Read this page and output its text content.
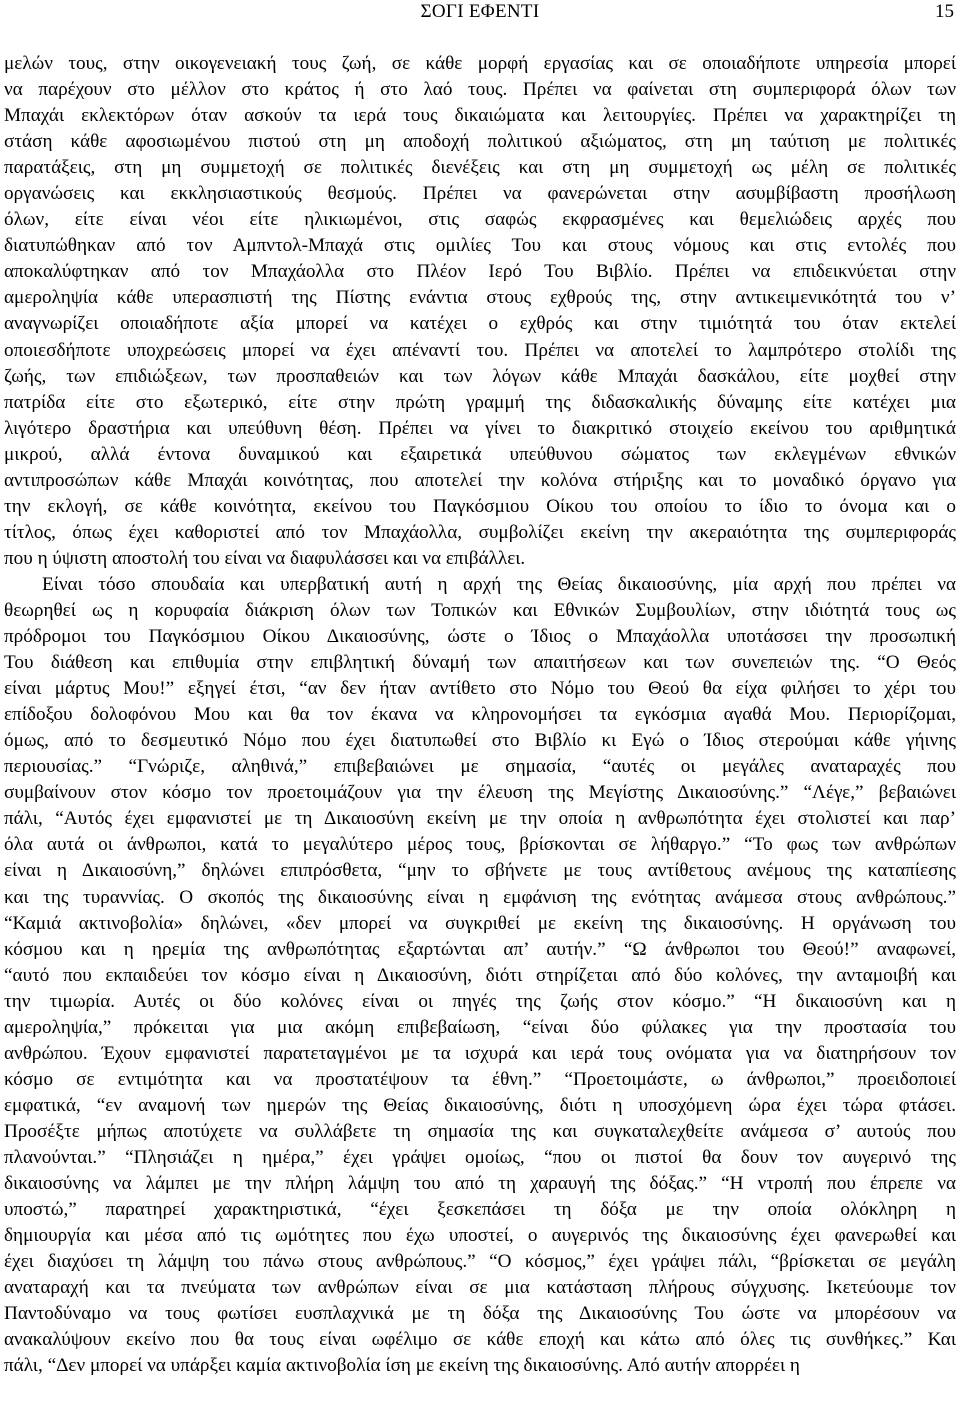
ΣΟΓΙ ΕΦΕΝΤΙ	15
μελών τους, στην οικογενειακή τους ζωή, σε κάθε μορφή εργασίας και σε οποιαδήποτε υπηρεσία μπορεί
να παρέχουν στο μέλλον στο κράτος ή στο λαό τους. Πρέπει να φαίνεται στη συμπεριφορά όλων των
Μπαχάι εκλεκτόρων όταν ασκούν τα ιερά τους δικαιώματα και λειτουργίες. Πρέπει να χαρακτηρίζει τη
στάση κάθε αφοσιωμένου πιστού στη μη αποδοχή πολιτικού αξιώματος, στη μη ταύτιση με πολιτικές
παρατάξεις, στη μη συμμετοχή σε πολιτικές διενέξεις και στη μη συμμετοχή ως μέλη σε πολιτικές
οργανώσεις και εκκλησιαστικούς θεσμούς. Πρέπει να φανερώνεται στην ασυμβίβαστη προσήλωση
όλων, είτε είναι νέοι είτε ηλικιωμένοι, στις σαφώς εκφρασμένες και θεμελιώδεις αρχές που
διατυπώθηκαν από τον Αμπντολ-Μπαχά στις ομιλίες Του και στους νόμους και στις εντολές που
αποκαλύφτηκαν από τον Μπαχάολλα στο Πλέον Ιερό Του Βιβλίο. Πρέπει να επιδεικνύεται στην
αμεροληψία κάθε υπερασπιστή της Πίστης ενάντια στους εχθρούς της, στην αντικειμενικότητά του ν’
αναγνωρίζει οποιαδήποτε αξία μπορεί να κατέχει ο εχθρός και στην τιμιότητά του όταν εκτελεί
οποιεσδήποτε υποχρεώσεις μπορεί να έχει απέναντί του. Πρέπει να αποτελεί το λαμπρότερο στολίδι της
ζωής, των επιδιώξεων, των προσπαθειών και των λόγων κάθε Μπαχάι δασκάλου, είτε μοχθεί στην
πατρίδα είτε στο εξωτερικό, είτε στην πρώτη γραμμή της διδασκαλικής δύναμης είτε κατέχει μια
λιγότερο δραστήρια και υπεύθυνη θέση. Πρέπει να γίνει το διακριτικό στοιχείο εκείνου του αριθμητικά
μικρού, αλλά έντονα δυναμικού και εξαιρετικά υπεύθυνου σώματος των εκλεγμένων εθνικών
αντιπροσώπων κάθε Μπαχάι κοινότητας, που αποτελεί την κολόνα στήριξης και το μοναδικό όργανο για
την εκλογή, σε κάθε κοινότητα, εκείνου του Παγκόσμιου Οίκου του οποίου το ίδιο το όνομα και ο
τίτλος, όπως έχει καθοριστεί από τον Μπαχάολλα, συμβολίζει εκείνη την ακεραιότητα της συμπεριφοράς
που η ύψιστη αποστολή του είναι να διαφυλάσσει και να επιβάλλει.
Είναι τόσο σπουδαία και υπερβατική αυτή η αρχή της Θείας δικαιοσύνης, μία αρχή που πρέπει να
θεωρηθεί ως η κορυφαία διάκριση όλων των Τοπικών και Εθνικών Συμβουλίων, στην ιδιότητά τους ως
πρόδρομοι του Παγκόσμιου Οίκου Δικαιοσύνης, ώστε ο Ίδιος ο Μπαχάολλα υποτάσσει την προσωπική
Του διάθεση και επιθυμία στην επιβλητική δύναμή των απαιτήσεων και των συνεπειών της. “Ο Θεός
είναι μάρτυς Μου!” εξηγεί έτσι, “αν δεν ήταν αντίθετο στο Νόμο του Θεού θα είχα φιλήσει το χέρι του
επίδοξου δολοφόνου Μου και θα τον έκανα να κληρονομήσει τα εγκόσμια αγαθά Μου. Περιορίζομαι,
όμως, από το δεσμευτικό Νόμο που έχει διατυπωθεί στο Βιβλίο κι Εγώ ο Ίδιος στερούμαι κάθε γήινης
περιουσίας.” “Γνώριζε, αληθινά,” επιβεβαιώνει με σημασία, “αυτές οι μεγάλες αναταραχές που
συμβαίνουν στον κόσμο τον προετοιμάζουν για την έλευση της Μεγίστης Δικαιοσύνης.” “Λέγε,” βεβαιώνει
πάλι, “Αυτός έχει εμφανιστεί με τη Δικαιοσύνη εκείνη με την οποία η ανθρωπότητα έχει στολιστεί και παρ’
όλα αυτά οι άνθρωποι, κατά το μεγαλύτερο μέρος τους, βρίσκονται σε λήθαργο.” “Το φως των ανθρώπων
είναι η Δικαιοσύνη,” δηλώνει επιπρόσθετα, “μην το σβήνετε με τους αντίθετους ανέμους της καταπίεσης
και της τυραννίας. Ο σκοπός της δικαιοσύνης είναι η εμφάνιση της ενότητας ανάμεσα στους ανθρώπους.”
“Καμιά ακτινοβολία» δηλώνει, «δεν μπορεί να συγκριθεί με εκείνη της δικαιοσύνης. Η οργάνωση του
κόσμου και η ηρεμία της ανθρωπότητας εξαρτώνται απ’ αυτήν.” “Ω άνθρωποι του Θεού!” αναφωνεί,
“αυτό που εκπαιδεύει τον κόσμο είναι η Δικαιοσύνη, διότι στηρίζεται από δύο κολόνες, την ανταμοιβή και
την τιμωρία. Αυτές οι δύο κολόνες είναι οι πηγές της ζωής στον κόσμο.” “Η δικαιοσύνη και η
αμεροληψία,” πρόκειται για μια ακόμη επιβεβαίωση, “είναι δύο φύλακες για την προστασία του
ανθρώπου. Έχουν εμφανιστεί παρατεταγμένοι με τα ισχυρά και ιερά τους ονόματα για να διατηρήσουν τον
κόσμο σε εντιμότητα και να προστατέψουν τα έθνη.” “Προετοιμάστε, ω άνθρωποι,” προειδοποιεί
εμφατικά, “εν αναμονή των ημερών της Θείας δικαιοσύνης, διότι η υποσχόμενη ώρα έχει τώρα φτάσει.
Προσέξτε μήπως αποτύχετε να συλλάβετε τη σημασία της και συγκαταλεχθείτε ανάμεσα σ’ αυτούς που
πλανούνται.” “Πλησιάζει η ημέρα,” έχει γράψει ομοίως, “που οι πιστοί θα δουν τον αυγερινό της
δικαιοσύνης να λάμπει με την πλήρη λάμψη του από τη χαραυγή της δόξας.” “Η ντροπή που έπρεπε να
υποστώ,” παρατηρεί χαρακτηριστικά, “έχει ξεσκεπάσει τη δόξα με την οποία ολόκληρη η
δημιουργία και μέσα από τις ωμότητες που έχω υποστεί, ο αυγερινός της δικαιοσύνης έχει φανερωθεί και
έχει διαχύσει τη λάμψη του πάνω στους ανθρώπους.” “Ο κόσμος,” έχει γράψει πάλι, “βρίσκεται σε μεγάλη
αναταραχή και τα πνεύματα των ανθρώπων είναι σε μια κατάσταση πλήρους σύγχυσης. Ικετεύουμε τον
Παντοδύναμο να τους φωτίσει ευσπλαχνικά με τη δόξα της Δικαιοσύνης Του ώστε να μπορέσουν να
ανακαλύψουν εκείνο που θα τους είναι ωφέλιμο σε κάθε εποχή και κάτω από όλες τις συνθήκες.” Και
πάλι, “Δεν μπορεί να υπάρξει καμία ακτινοβολία ίση με εκείνη της δικαιοσύνης. Από αυτήν απορρέει η
